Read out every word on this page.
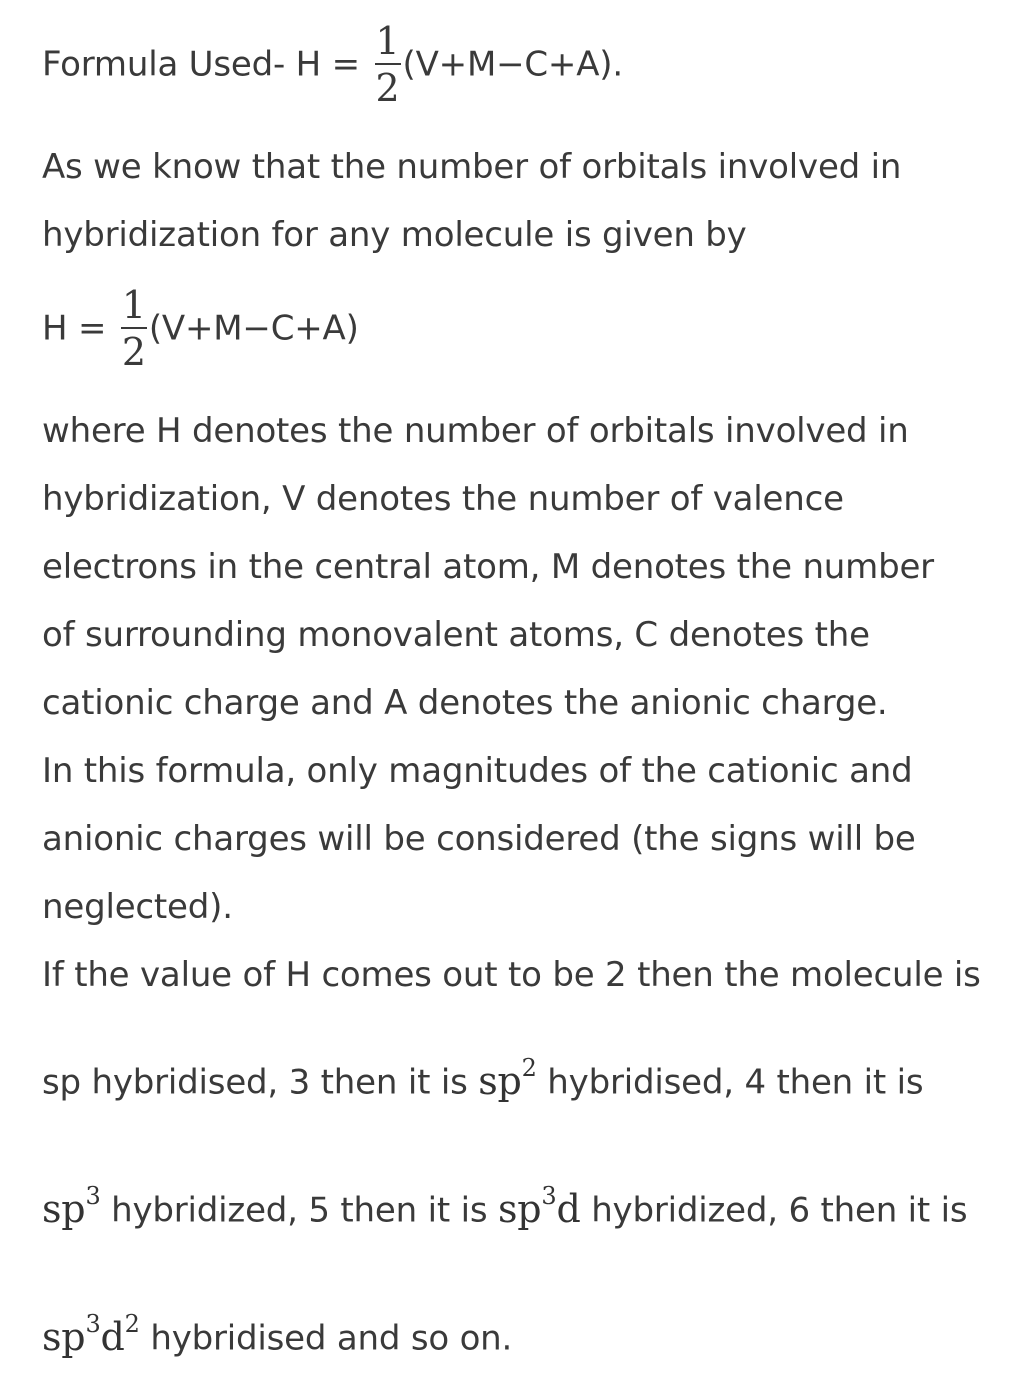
Formula Used- $H = \frac{1}{2} (V+M-C+A)$.
As we know that the number of orbitals involved in
hybridization for any molecule is given by
$H = \frac{1}{2} (V+M-C+A)$
where H denotes the number of orbitals involved in
hybridization, V denotes the number of valence
electrons in the central atom, M denotes the number
of surrounding monovalent atoms, C denotes the
cationic charge and A denotes the anionic charge.
In this formula, only magnitudes of the cationic and
anionic charges will be considered (the signs will be
neglected).
If the value of H comes out to be 2 then the molecule is
sp hybridised, 3 then it is $sp^2$ hybridised, 4 then it is
$sp^3$ hybridized, 5 then it is $sp^3d$ hybridized, 6 then it is
$sp^3d^2$ hybridised and so on.
